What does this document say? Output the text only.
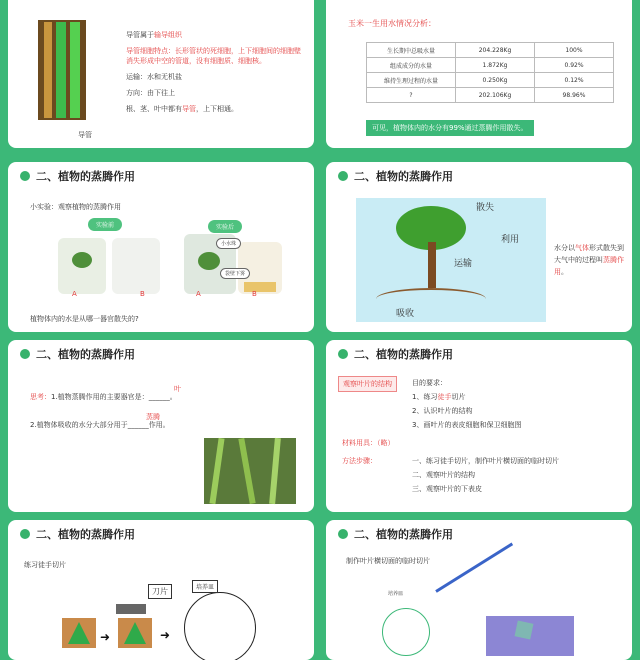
导管
导管属于输导组织
导管细胞特点：长形管状的死细胞，上下细胞间的细胞壁
消失形成中空的管道，没有细胞质、细胞核。
运输：水和无机盐
方向：由下往上
根、茎、叶中都有导管，上下相通。
玉米一生用水情况分析：
生长期中总吸水量	204.228Kg	100%
组成成分的水量	1.872Kg	0.92%
维持生理过程的水量	0.250Kg	0.12%
?	202.106Kg	98.96%
可见，植物体内的水分有99%通过蒸腾作用散失。
二、植物的蒸腾作用
小实验：观察植物的蒸腾作用
实验前	实验后
小水珠
袋壁下雾
A	B	A	B
植物体内的水是从哪一器官散失的?
二、植物的蒸腾作用
散失
利用
运输
吸收
水分以气体形式散失到大气中的过程叫蒸腾作用。
二、植物的蒸腾作用
思考：1.植物蒸腾作用的主要器官是：______。
叶
2.植物体吸收的水分大部分用于______作用。
蒸腾
二、植物的蒸腾作用
观察叶片的结构	目的要求：
1、练习徒手切片
2、认识叶片的结构
3、画叶片的表皮细胞和保卫细胞图
材料用具：（略）
方法步骤：	一、练习徒手切片，制作叶片横切面的临时切片
二、观察叶片的结构
三、观察叶片的下表皮
二、植物的蒸腾作用
练习徒手切片
➜
刀片
➜
培养皿
二、植物的蒸腾作用
制作叶片横切面的临时切片
培养皿
